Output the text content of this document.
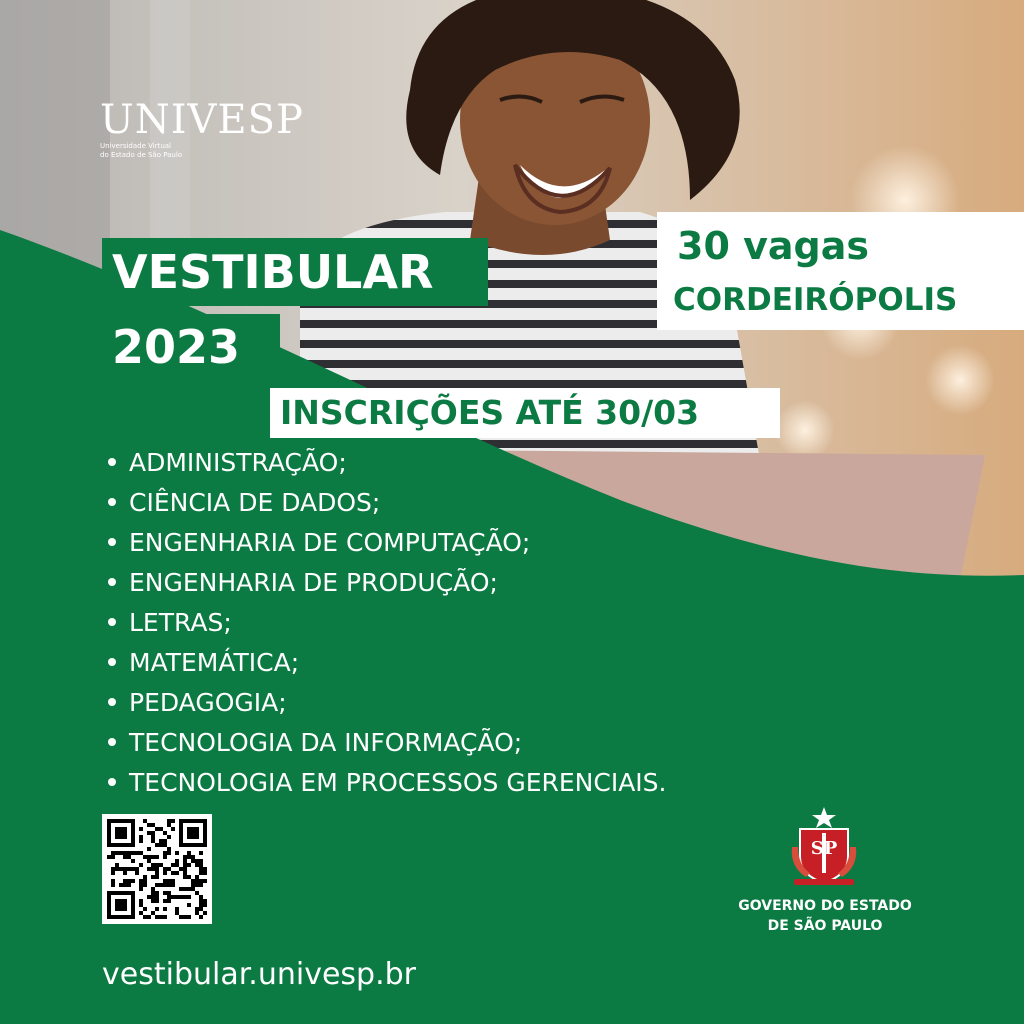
UNIVESP
Universidade Virtual
do Estado de São Paulo
VESTIBULAR
2023
30 vagas
CORDEIRÓPOLIS
INSCRIÇÕES ATÉ 30/03
ADMINISTRAÇÃO;
CIÊNCIA DE DADOS;
ENGENHARIA DE COMPUTAÇÃO;
ENGENHARIA DE PRODUÇÃO;
LETRAS;
MATEMÁTICA;
PEDAGOGIA;
TECNOLOGIA DA INFORMAÇÃO;
TECNOLOGIA EM PROCESSOS GERENCIAIS.
SP
GOVERNO DO ESTADO
DE SÃO PAULO
vestibular.univesp.br
